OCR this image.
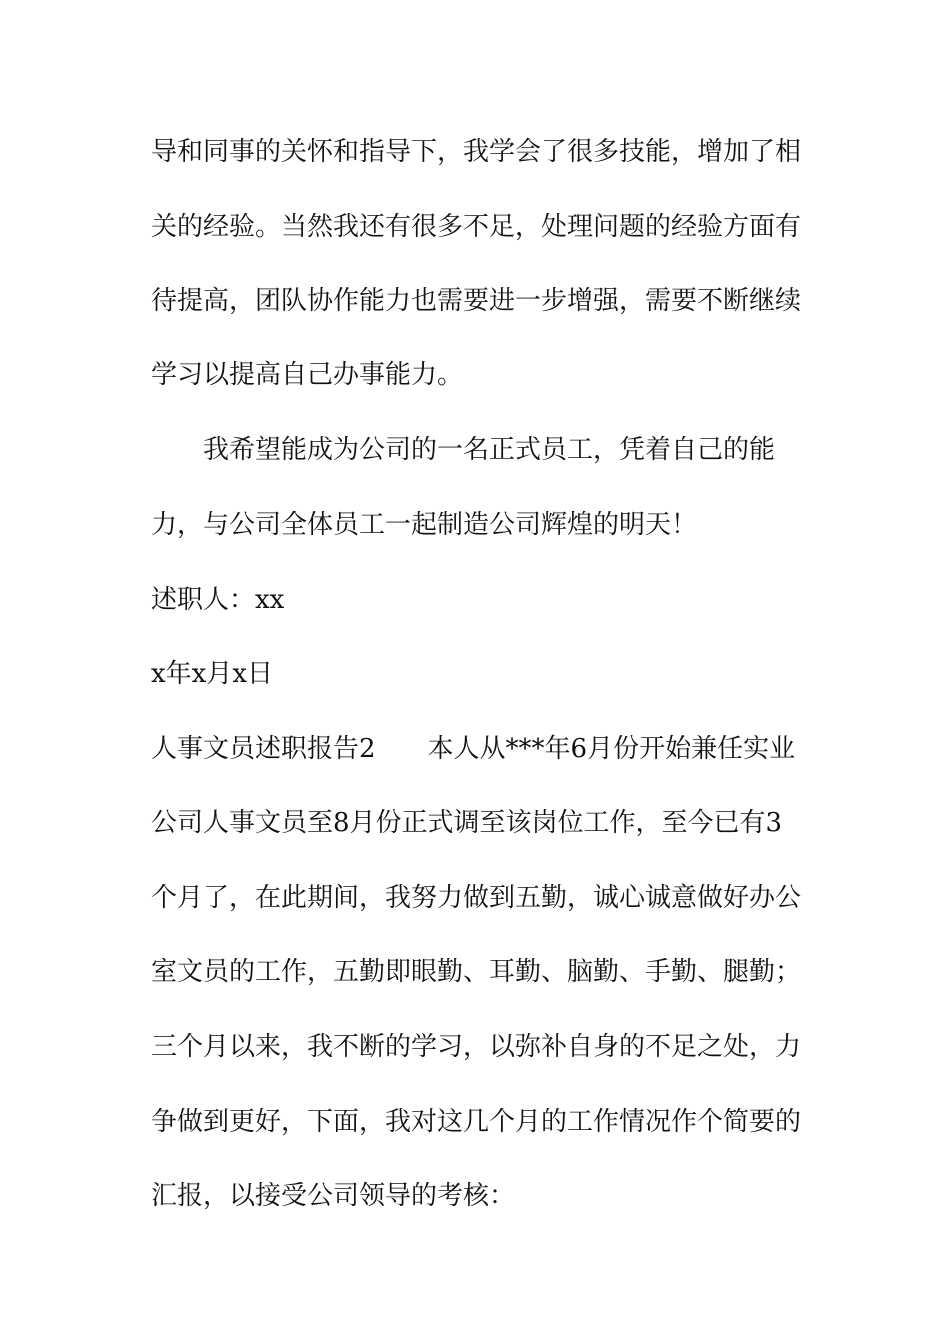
导和同事的关怀和指导下，我学会了很多技能，增加了相
关的经验。当然我还有很多不足，处理问题的经验方面有
待提高，团队协作能力也需要进一步增强，需要不断继续
学习以提高自己办事能力。
我希望能成为公司的一名正式员工，凭着自己的能
力，与公司全体员工一起制造公司辉煌的明天！
述职人：xx
x年x月x日
人事文员述职报告2　　本人从***年6月份开始兼任实业
公司人事文员至8月份正式调至该岗位工作，至今已有3
个月了，在此期间，我努力做到五勤，诚心诚意做好办公
室文员的工作，五勤即眼勤、耳勤、脑勤、手勤、腿勤；
三个月以来，我不断的学习，以弥补自身的不足之处，力
争做到更好，下面，我对这几个月的工作情况作个简要的
汇报，以接受公司领导的考核：
